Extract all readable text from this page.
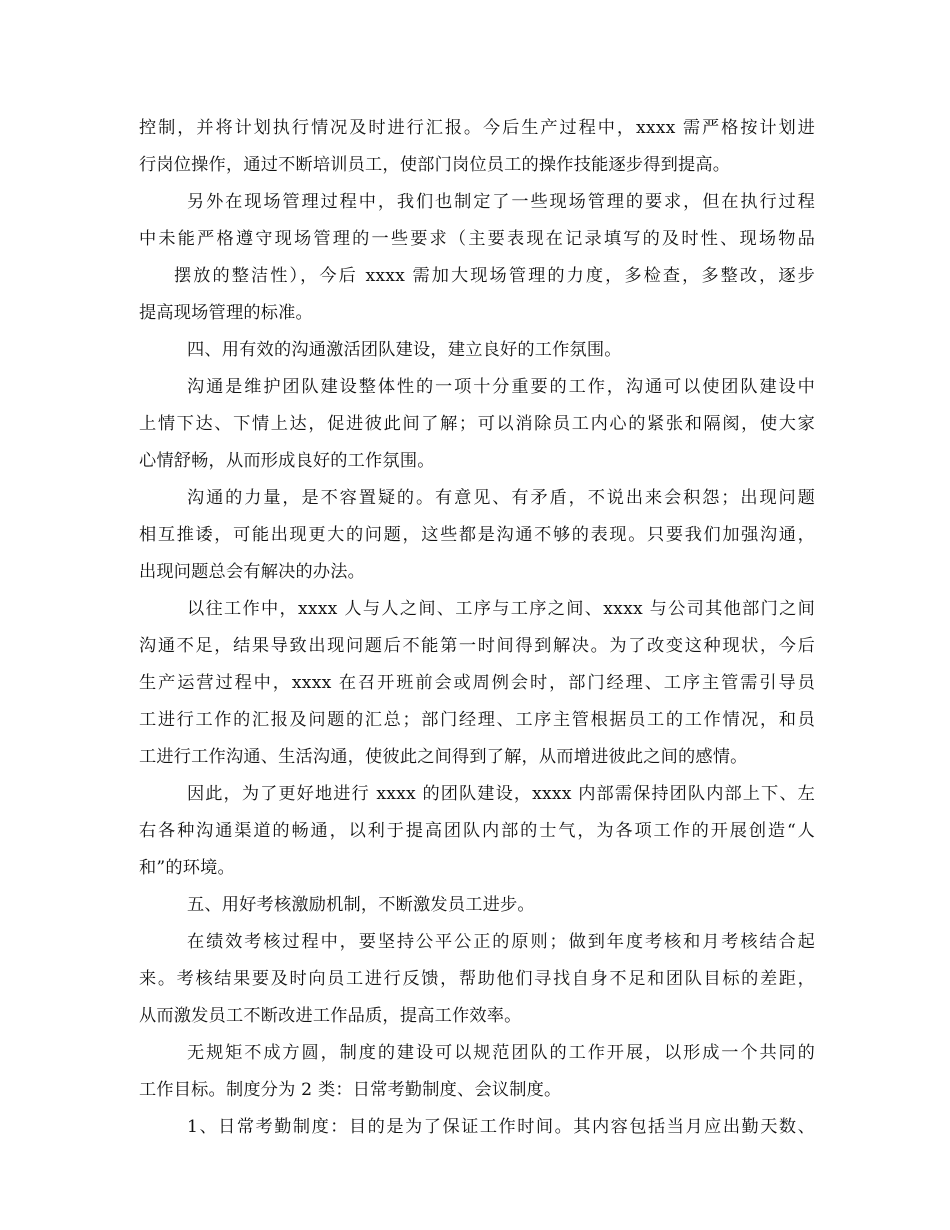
控制，并将计划执行情况及时进行汇报。今后生产过程中，xxxx 需严格按计划进
行岗位操作，通过不断培训员工，使部门岗位员工的操作技能逐步得到提高。
另外在现场管理过程中，我们也制定了一些现场管理的要求，但在执行过程
中未能严格遵守现场管理的一些要求（主要表现在记录填写的及时性、现场物品
摆放的整洁性），今后 xxxx 需加大现场管理的力度，多检查，多整改，逐步
提高现场管理的标准。
四、用有效的沟通激活团队建设，建立良好的工作氛围。
沟通是维护团队建设整体性的一项十分重要的工作，沟通可以使团队建设中
上情下达、下情上达，促进彼此间了解；可以消除员工内心的紧张和隔阂，使大家
心情舒畅，从而形成良好的工作氛围。
沟通的力量，是不容置疑的。有意见、有矛盾，不说出来会积怨；出现问题
相互推诿，可能出现更大的问题，这些都是沟通不够的表现。只要我们加强沟通，
出现问题总会有解决的办法。
以往工作中，xxxx 人与人之间、工序与工序之间、xxxx 与公司其他部门之间
沟通不足，结果导致出现问题后不能第一时间得到解决。为了改变这种现状，今后
生产运营过程中，xxxx 在召开班前会或周例会时，部门经理、工序主管需引导员
工进行工作的汇报及问题的汇总；部门经理、工序主管根据员工的工作情况，和员
工进行工作沟通、生活沟通，使彼此之间得到了解，从而增进彼此之间的感情。
因此，为了更好地进行 xxxx 的团队建设，xxxx 内部需保持团队内部上下、左
右各种沟通渠道的畅通，以利于提高团队内部的士气，为各项工作的开展创造“人
和”的环境。
五、用好考核激励机制，不断激发员工进步。
在绩效考核过程中，要坚持公平公正的原则；做到年度考核和月考核结合起
来。考核结果要及时向员工进行反馈，帮助他们寻找自身不足和团队目标的差距，
从而激发员工不断改进工作品质，提高工作效率。
无规矩不成方圆，制度的建设可以规范团队的工作开展，以形成一个共同的
工作目标。制度分为 2 类：日常考勤制度、会议制度。
1、日常考勤制度：目的是为了保证工作时间。其内容包括当月应出勤天数、
